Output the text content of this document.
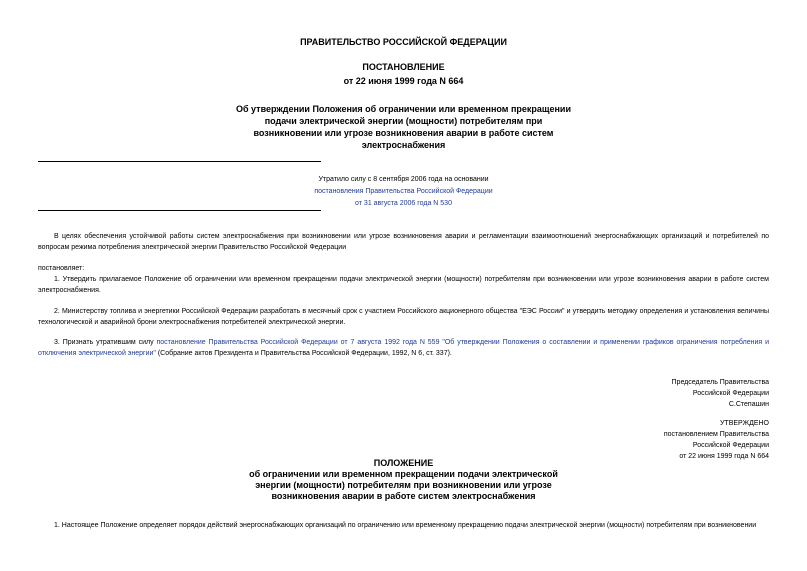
ПРАВИТЕЛЬСТВО РОССИЙСКОЙ ФЕДЕРАЦИИ
ПОСТАНОВЛЕНИЕ
от 22 июня 1999 года N 664
Об утверждении Положения об ограничении или временном прекращении
подачи электрической энергии (мощности) потребителям при
возникновении или угрозе возникновения аварии в работе систем
электроснабжения
Утратило силу с 8 сентября 2006 года на основании
постановления Правительства Российской Федерации
от 31 августа 2006 года N 530
В целях обеспечения устойчивой работы систем электроснабжения при возникновении или угрозе возникновения аварии и регламентации взаимоотношений энергоснабжающих организаций и потребителей по вопросам режима потребления электрической энергии Правительство Российской Федерации
постановляет:
1. Утвердить прилагаемое Положение об ограничении или временном прекращении подачи электрической энергии (мощности) потребителям при возникновении или угрозе возникновения аварии в работе систем электроснабжения.
2. Министерству топлива и энергетики Российской Федерации разработать в месячный срок с участием Российского акционерного общества "ЕЭС России" и утвердить методику определения и установления величины технологической и аварийной брони электроснабжения потребителей электрической энергии.
3. Признать утратившим силу постановление Правительства Российской Федерации от 7 августа 1992 года N 559 "Об утверждении Положения о составлении и применении графиков ограничения потребления и отключения электрической энергии" (Собрание актов Президента и Правительства Российской Федерации, 1992, N 6, ст. 337).
Председатель Правительства
Российской Федерации
С.Степашин
УТВЕРЖДЕНО
постановлением Правительства
Российской Федерации
от 22 июня 1999 года N 664
ПОЛОЖЕНИЕ
об ограничении или временном прекращении подачи электрической
энергии (мощности) потребителям при возникновении или угрозе
возникновения аварии в работе систем электроснабжения
1. Настоящее Положение определяет порядок действий энергоснабжающих организаций по ограничению или временному прекращению подачи электрической энергии (мощности) потребителям при возникновении
